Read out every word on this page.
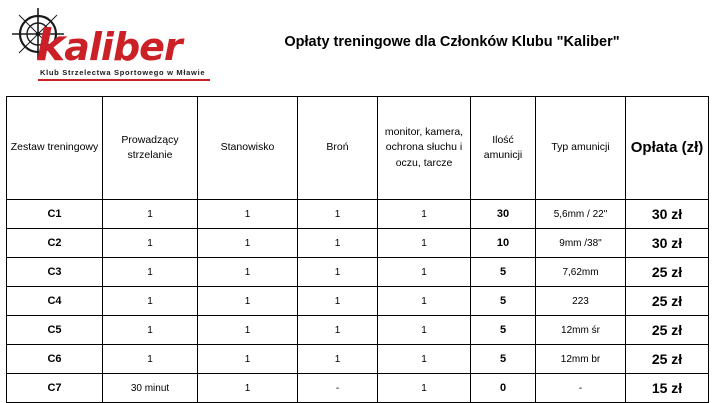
kaliber
Klub Strzelectwa Sportowego w Mławie
Opłaty treningowe dla Członków Klubu "Kaliber"
Zestaw treningowy	Prowadzący strzelanie	Stanowisko	Broń	monitor, kamera, ochrona słuchu i oczu, tarcze	Ilość amunicji	Typ amunicji	Opłata (zł)
C1	1	1	1	1	30	5,6mm / 22"	30 zł
C2	1	1	1	1	10	9mm /38"	30 zł
C3	1	1	1	1	5	7,62mm	25 zł
C4	1	1	1	1	5	223	25 zł
C5	1	1	1	1	5	12mm śr	25 zł
C6	1	1	1	1	5	12mm br	25 zł
C7	30 minut	1	-	1	0	-	15 zł
